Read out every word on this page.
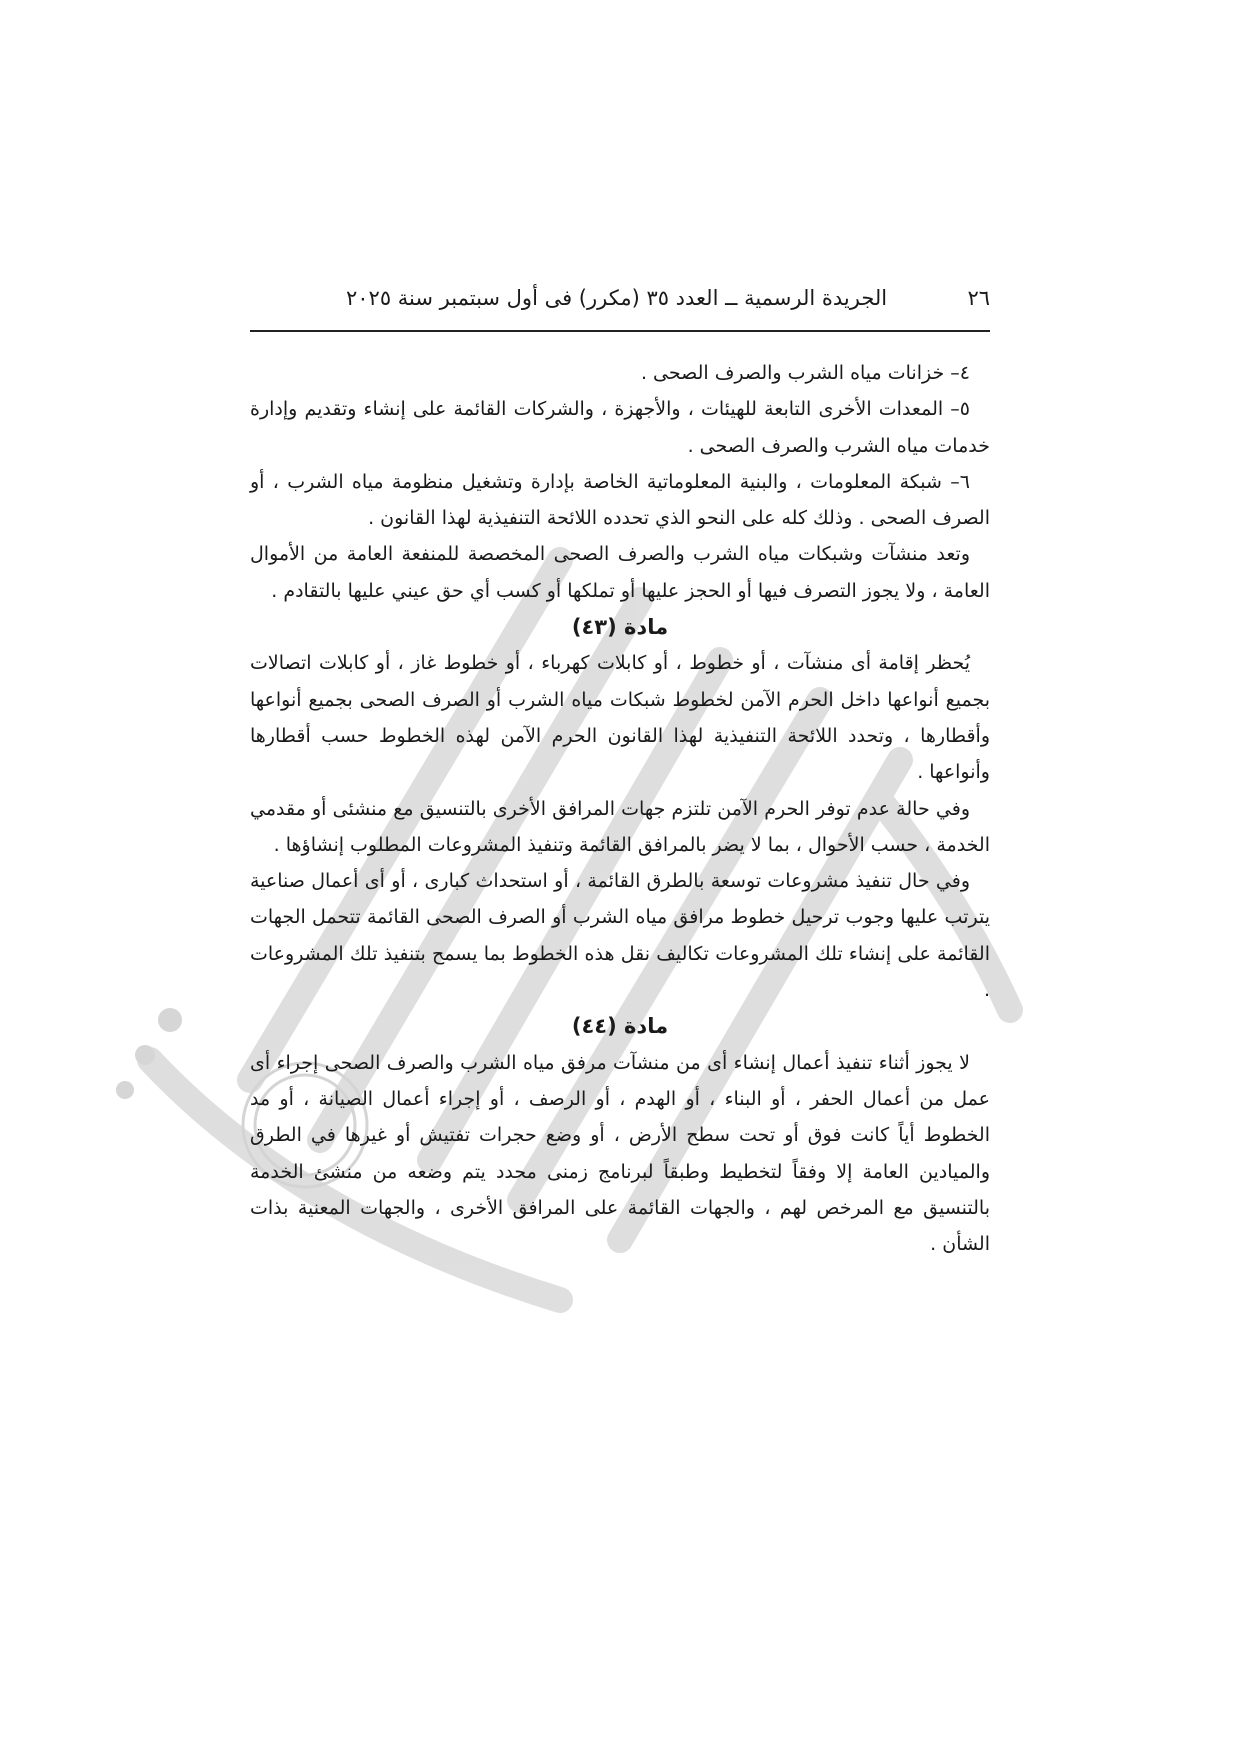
٢٦
الجريدة الرسمية ــ العدد ٣٥ (مكرر) فى أول سبتمبر سنة ٢٠٢٥

٤– خزانات مياه الشرب والصرف الصحى .

٥– المعدات الأخرى التابعة للهيئات ، والأجهزة ، والشركات القائمة على إنشاء وتقديم وإدارة خدمات مياه الشرب والصرف الصحى .

٦– شبكة المعلومات ، والبنية المعلوماتية الخاصة بإدارة وتشغيل منظومة مياه الشرب ، أو الصرف الصحى . وذلك كله على النحو الذي تحدده اللائحة التنفيذية لهذا القانون .

وتعد منشآت وشبكات مياه الشرب والصرف الصحى المخصصة للمنفعة العامة من الأموال العامة ، ولا يجوز التصرف فيها أو الحجز عليها أو تملكها أو كسب أي حق عيني عليها بالتقادم .

مادة (٤٣)

يُحظر إقامة أى منشآت ، أو خطوط ، أو كابلات كهرباء ، أو خطوط غاز ، أو كابلات اتصالات بجميع أنواعها داخل الحرم الآمن لخطوط شبكات مياه الشرب أو الصرف الصحى بجميع أنواعها وأقطارها ، وتحدد اللائحة التنفيذية لهذا القانون الحرم الآمن لهذه الخطوط حسب أقطارها وأنواعها .

وفي حالة عدم توفر الحرم الآمن تلتزم جهات المرافق الأخرى بالتنسيق مع منشئى أو مقدمي الخدمة ، حسب الأحوال ، بما لا يضر بالمرافق القائمة وتنفيذ المشروعات المطلوب إنشاؤها .

وفي حال تنفيذ مشروعات توسعة بالطرق القائمة ، أو استحداث كبارى ، أو أى أعمال صناعية يترتب عليها وجوب ترحيل خطوط مرافق مياه الشرب أو الصرف الصحى القائمة تتحمل الجهات القائمة على إنشاء تلك المشروعات تكاليف نقل هذه الخطوط بما يسمح بتنفيذ تلك المشروعات .

مادة (٤٤)

لا يجوز أثناء تنفيذ أعمال إنشاء أى من منشآت مرفق مياه الشرب والصرف الصحى إجراء أى عمل من أعمال الحفر ، أو البناء ، أو الهدم ، أو الرصف ، أو إجراء أعمال الصيانة ، أو مد الخطوط أياً كانت فوق أو تحت سطح الأرض ، أو وضع حجرات تفتيش أو غيرها في الطرق والميادين العامة إلا وفقاً لتخطيط وطبقاً لبرنامج زمنى محدد يتم وضعه من منشئ الخدمة بالتنسيق مع المرخص لهم ، والجهات القائمة على المرافق الأخرى ، والجهات المعنية بذات الشأن .
